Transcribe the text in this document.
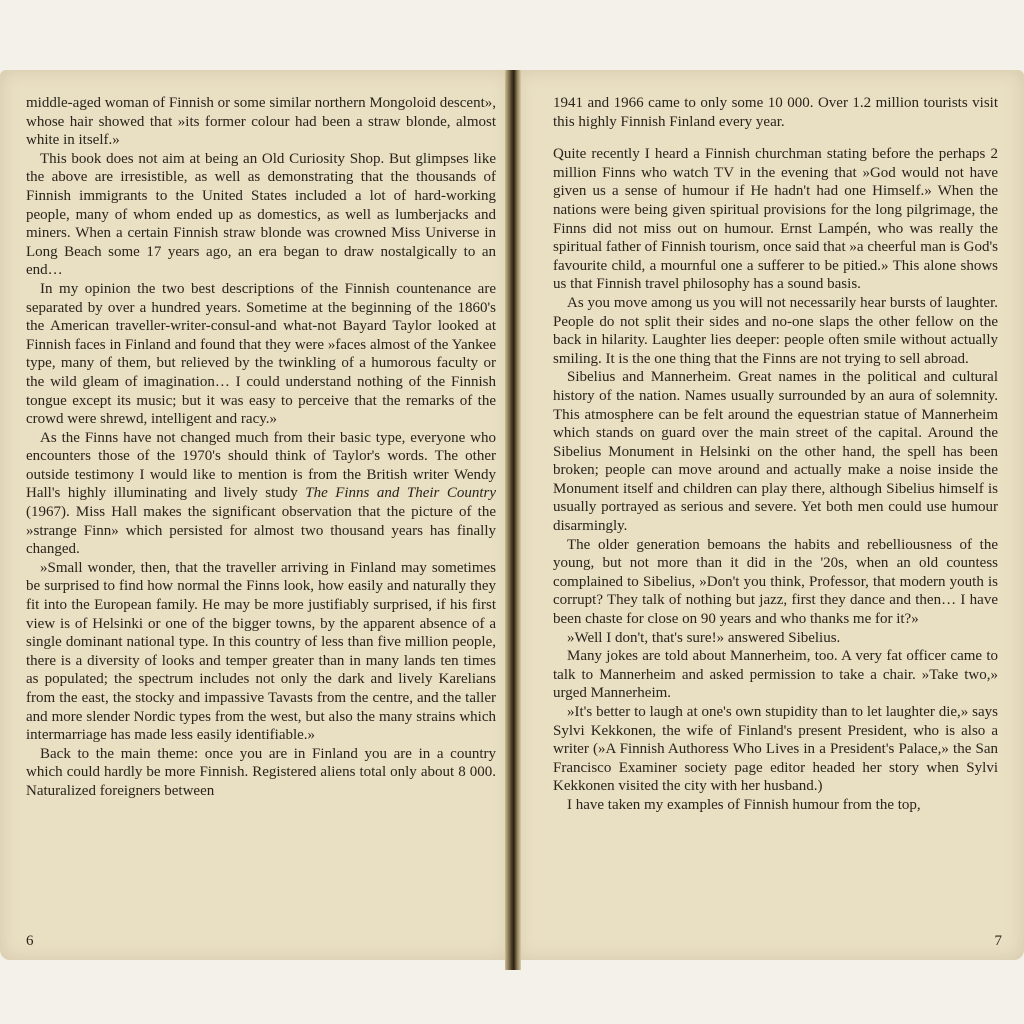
middle-aged woman of Finnish or some similar northern Mongoloid descent», whose hair showed that »its former colour had been a straw blonde, almost white in itself.»

This book does not aim at being an Old Curiosity Shop. But glimpses like the above are irresistible, as well as demonstrating that the thousands of Finnish immigrants to the United States included a lot of hard-working people, many of whom ended up as domestics, as well as lumberjacks and miners. When a certain Finnish straw blonde was crowned Miss Universe in Long Beach some 17 years ago, an era began to draw nostalgically to an end…

In my opinion the two best descriptions of the Finnish countenance are separated by over a hundred years. Sometime at the beginning of the 1860's the American traveller-writer-consul-and what-not Bayard Taylor looked at Finnish faces in Finland and found that they were »faces almost of the Yankee type, many of them, but relieved by the twinkling of a humorous faculty or the wild gleam of imagination… I could understand nothing of the Finnish tongue except its music; but it was easy to perceive that the remarks of the crowd were shrewd, intelligent and racy.»

As the Finns have not changed much from their basic type, everyone who encounters those of the 1970's should think of Taylor's words. The other outside testimony I would like to mention is from the British writer Wendy Hall's highly illuminating and lively study The Finns and Their Country (1967). Miss Hall makes the significant observation that the picture of the »strange Finn» which persisted for almost two thousand years has finally changed.

»Small wonder, then, that the traveller arriving in Finland may sometimes be surprised to find how normal the Finns look, how easily and naturally they fit into the European family. He may be more justifiably surprised, if his first view is of Helsinki or one of the bigger towns, by the apparent absence of a single dominant national type. In this country of less than five million people, there is a diversity of looks and temper greater than in many lands ten times as populated; the spectrum includes not only the dark and lively Karelians from the east, the stocky and impassive Tavasts from the centre, and the taller and more slender Nordic types from the west, but also the many strains which intermarriage has made less easily identifiable.»

Back to the main theme: once you are in Finland you are in a country which could hardly be more Finnish. Registered aliens total only about 8 000. Naturalized foreigners between

6

1941 and 1966 came to only some 10 000. Over 1.2 million tourists visit this highly Finnish Finland every year.

Quite recently I heard a Finnish churchman stating before the perhaps 2 million Finns who watch TV in the evening that »God would not have given us a sense of humour if He hadn't had one Himself.» When the nations were being given spiritual provisions for the long pilgrimage, the Finns did not miss out on humour. Ernst Lampén, who was really the spiritual father of Finnish tourism, once said that »a cheerful man is God's favourite child, a mournful one a sufferer to be pitied.» This alone shows us that Finnish travel philosophy has a sound basis.

As you move among us you will not necessarily hear bursts of laughter. People do not split their sides and no-one slaps the other fellow on the back in hilarity. Laughter lies deeper: people often smile without actually smiling. It is the one thing that the Finns are not trying to sell abroad.

Sibelius and Mannerheim. Great names in the political and cultural history of the nation. Names usually surrounded by an aura of solemnity. This atmosphere can be felt around the equestrian statue of Mannerheim which stands on guard over the main street of the capital. Around the Sibelius Monument in Helsinki on the other hand, the spell has been broken; people can move around and actually make a noise inside the Monument itself and children can play there, although Sibelius himself is usually portrayed as serious and severe. Yet both men could use humour disarmingly.

The older generation bemoans the habits and rebelliousness of the young, but not more than it did in the '20s, when an old countess complained to Sibelius, »Don't you think, Professor, that modern youth is corrupt? They talk of nothing but jazz, first they dance and then… I have been chaste for close on 90 years and who thanks me for it?»

»Well I don't, that's sure!» answered Sibelius.

Many jokes are told about Mannerheim, too. A very fat officer came to talk to Mannerheim and asked permission to take a chair. »Take two,» urged Mannerheim.

»It's better to laugh at one's own stupidity than to let laughter die,» says Sylvi Kekkonen, the wife of Finland's present President, who is also a writer (»A Finnish Authoress Who Lives in a President's Palace,» the San Francisco Examiner society page editor headed her story when Sylvi Kekkonen visited the city with her husband.)

I have taken my examples of Finnish humour from the top,

7
